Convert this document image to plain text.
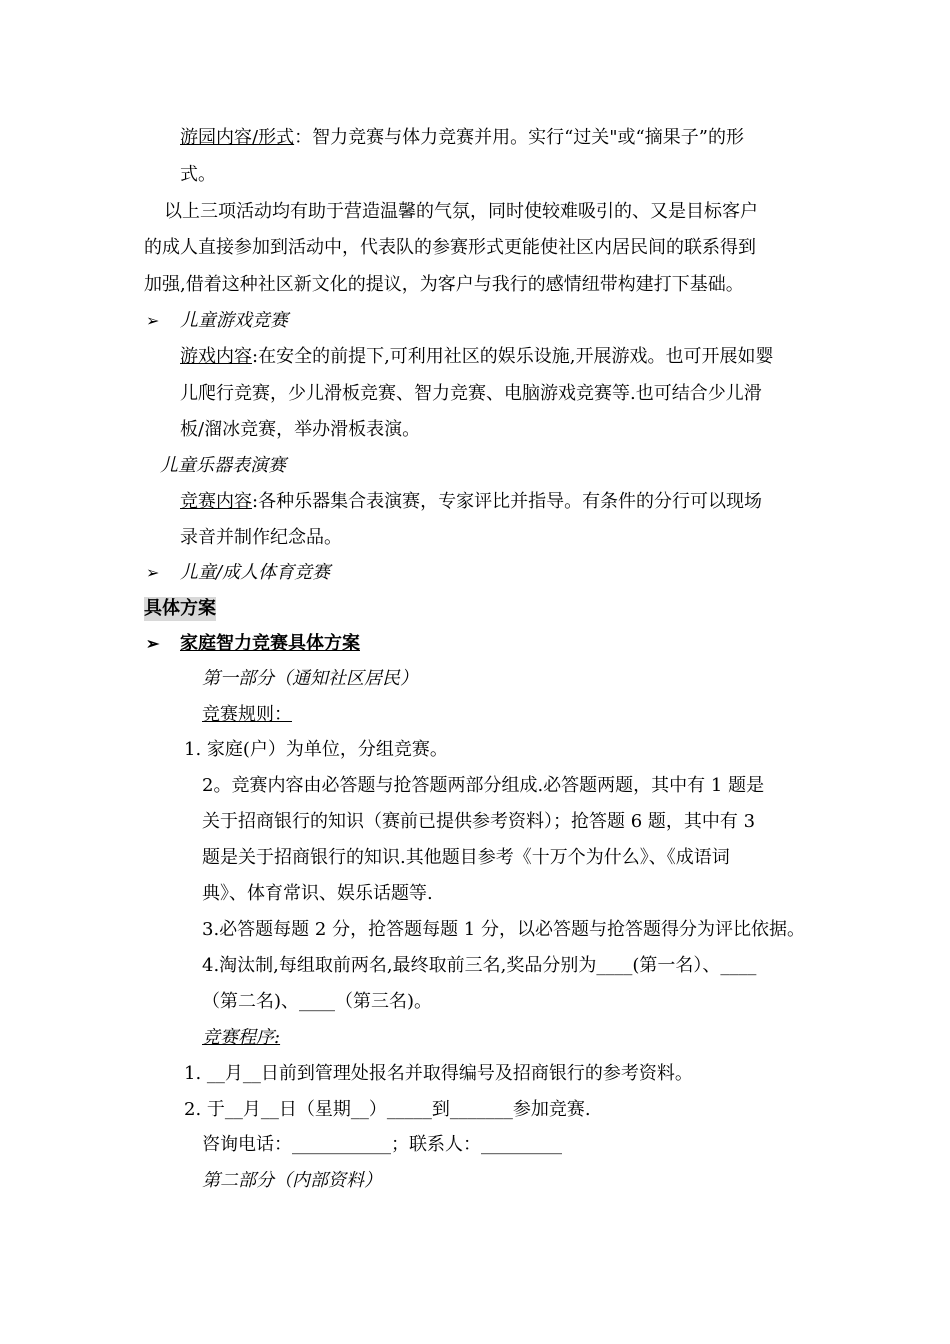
游园内容/形式：智力竞赛与体力竞赛并用。实行“过关"或“摘果子”的形
式。
以上三项活动均有助于营造温馨的气氛，同时使较难吸引的、又是目标客户
的成人直接参加到活动中，代表队的参赛形式更能使社区内居民间的联系得到
加强,借着这种社区新文化的提议，为客户与我行的感情纽带构建打下基础。
➢ 儿童游戏竞赛
游戏内容:在安全的前提下,可利用社区的娱乐设施,开展游戏。也可开展如婴
儿爬行竞赛，少儿滑板竞赛、智力竞赛、电脑游戏竞赛等.也可结合少儿滑
板/溜冰竞赛，举办滑板表演。
儿童乐器表演赛
竞赛内容:各种乐器集合表演赛，专家评比并指导。有条件的分行可以现场
录音并制作纪念品。
➢ 儿童/成人体育竞赛
具体方案
➢ 家庭智力竞赛具体方案
第一部分（通知社区居民）
竞赛规则：
1. 家庭(户）为单位，分组竞赛。
2。竞赛内容由必答题与抢答题两部分组成.必答题两题，其中有 1 题是
关于招商银行的知识（赛前已提供参考资料）；抢答题 6 题，其中有 3
题是关于招商银行的知识.其他题目参考《十万个为什么》、《成语词
典》、体育常识、娱乐话题等.
3.必答题每题 2 分，抢答题每题 1 分，以必答题与抢答题得分为评比依据。
4.淘汰制,每组取前两名,最终取前三名,奖品分别为____(第一名）、____
（第二名)、____（第三名)。
竞赛程序:
1. __月__日前到管理处报名并取得编号及招商银行的参考资料。
2. 于__月__日（星期__）_____到_______参加竞赛.
咨询电话：___________；联系人：_________
第二部分（内部资料）
